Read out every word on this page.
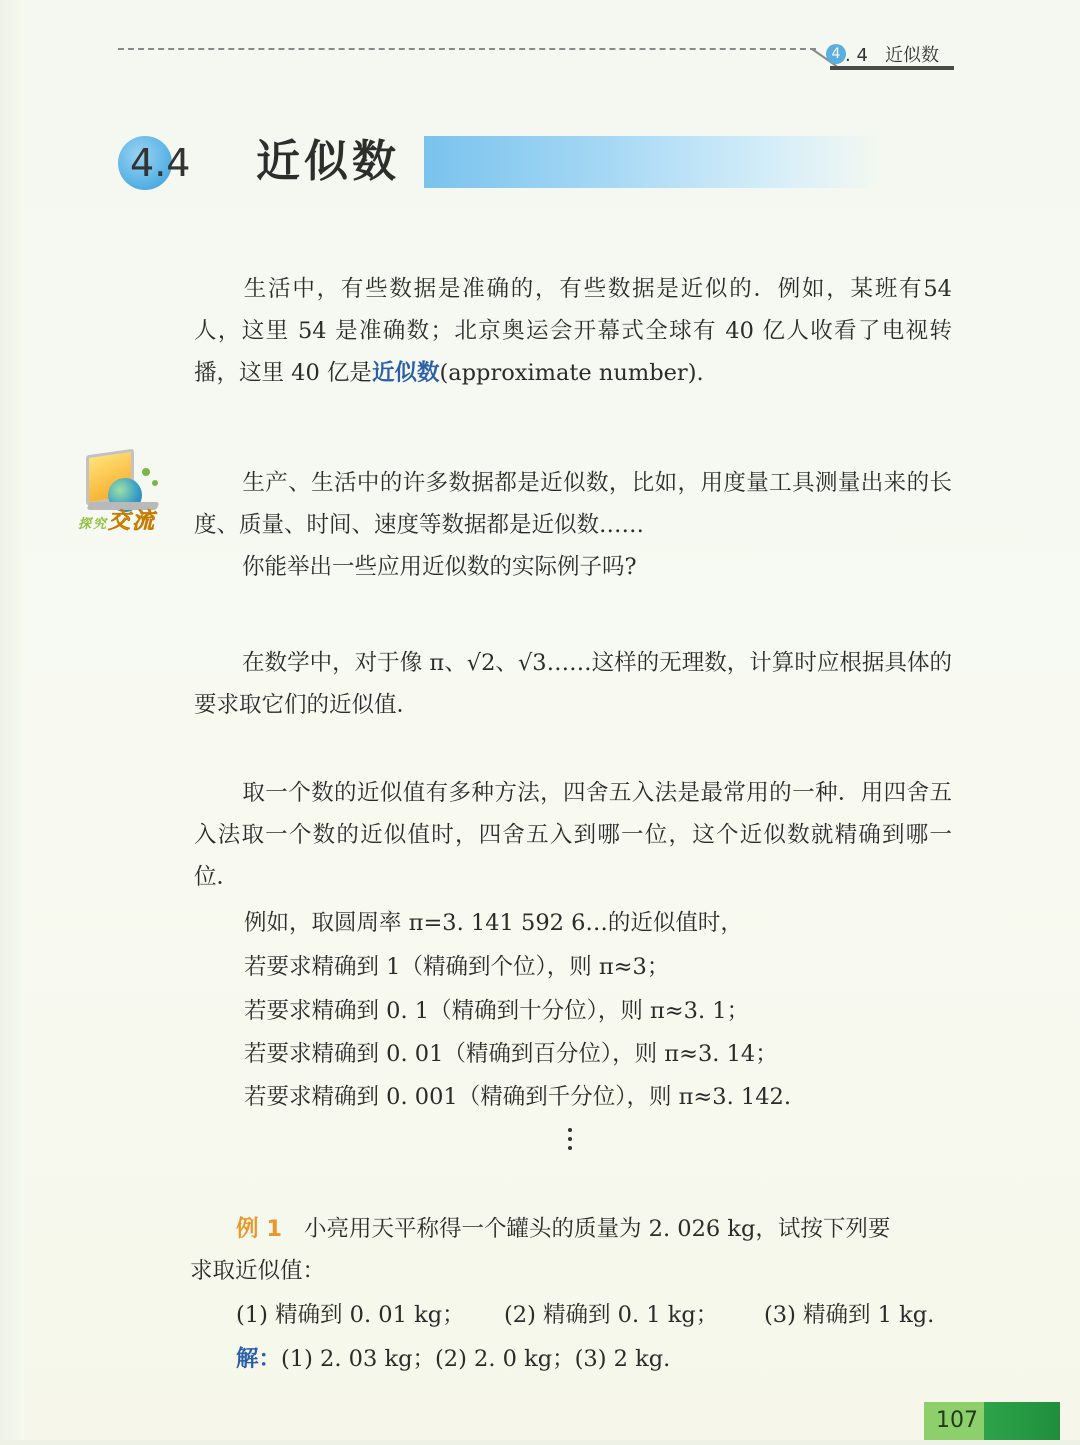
4 . 4   近似数
4.4 近似数
生活中，有些数据是准确的，有些数据是近似的．例如，某班有54 人，这里 54 是准确数；北京奥运会开幕式全球有 40 亿人收看了电视转播，这里 40 亿是近似数(approximate number).
探究交流
生产、生活中的许多数据都是近似数，比如，用度量工具测量出来的长度、质量、时间、速度等数据都是近似数……
你能举出一些应用近似数的实际例子吗?
在数学中，对于像 π、√2、√3……这样的无理数，计算时应根据具体的要求取它们的近似值．
取一个数的近似值有多种方法，四舍五入法是最常用的一种．用四舍五入法取一个数的近似值时，四舍五入到哪一位，这个近似数就精确到哪一位．
例如，取圆周率 π=3. 141 592 6…的近似值时，
若要求精确到 1（精确到个位），则 π≈3；
若要求精确到 0. 1（精确到十分位），则 π≈3. 1；
若要求精确到 0. 01（精确到百分位），则 π≈3. 14；
若要求精确到 0. 001（精确到千分位），则 π≈3. 142.
例 1 小亮用天平称得一个罐头的质量为 2. 026 kg，试按下列要
求取近似值：
(1) 精确到 0. 01 kg； (2) 精确到 0. 1 kg； (3) 精确到 1 kg.
解：(1) 2. 03 kg；(2) 2. 0 kg；(3) 2 kg.
107
